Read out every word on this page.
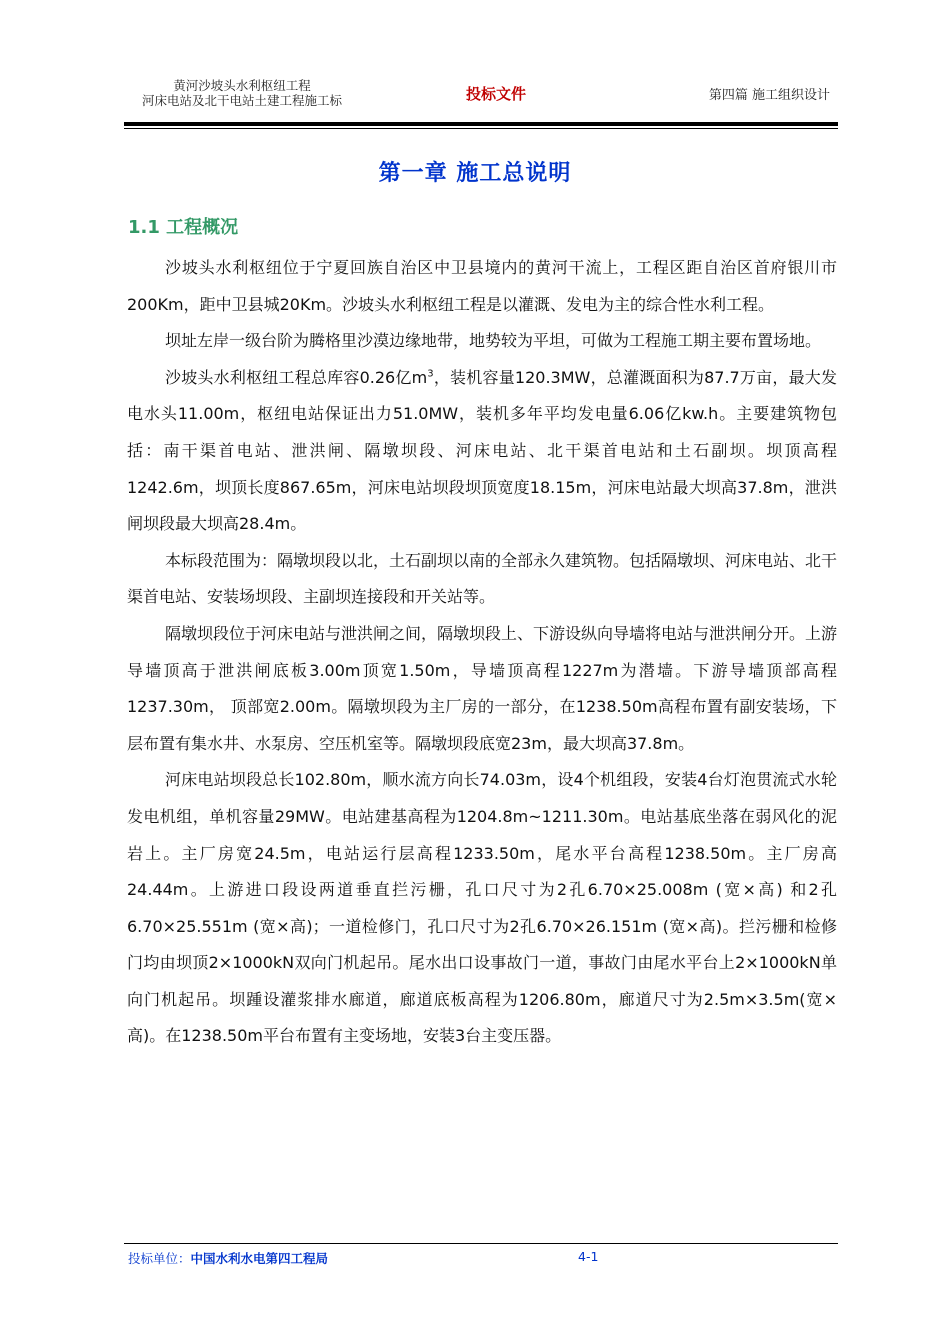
黄河沙坡头水利枢纽工程
河床电站及北干电站土建工程施工标	投标文件	第四篇 施工组织设计
第一章 施工总说明
1.1 工程概况

沙坡头水利枢纽位于宁夏回族自治区中卫县境内的黄河干流上，工程区距自治区首府银川市200Km，距中卫县城20Km。沙坡头水利枢纽工程是以灌溉、发电为主的综合性水利工程。

坝址左岸一级台阶为腾格里沙漠边缘地带，地势较为平坦，可做为工程施工期主要布置场地。

沙坡头水利枢纽工程总库容0.26亿$m^3$，装机容量120.3MW，总灌溉面积为87.7万亩，最大发电水头11.00m，枢纽电站保证出力51.0MW，装机多年平均发电量6.06亿kw.h。主要建筑物包括：南干渠首电站、泄洪闸、隔墩坝段、河床电站、北干渠首电站和土石副坝。坝顶高程1242.6m，坝顶长度867.65m，河床电站坝段坝顶宽度18.15m，河床电站最大坝高37.8m，泄洪闸坝段最大坝高28.4m。

本标段范围为：隔墩坝段以北，土石副坝以南的全部永久建筑物。包括隔墩坝、河床电站、北干渠首电站、安装场坝段、主副坝连接段和开关站等。

隔墩坝段位于河床电站与泄洪闸之间，隔墩坝段上、下游设纵向导墙将电站与泄洪闸分开。上游导墙顶高于泄洪闸底板3.00m顶宽1.50m，导墙顶高程1227m为潜墙。下游导墙顶部高程1237.30m， 顶部宽2.00m。隔墩坝段为主厂房的一部分，在1238.50m高程布置有副安装场，下层布置有集水井、水泵房、空压机室等。隔墩坝段底宽23m，最大坝高37.8m。

河床电站坝段总长102.80m，顺水流方向长74.03m，设4个机组段，安装4台灯泡贯流式水轮发电机组，单机容量29MW。电站建基高程为1204.8m~1211.30m。电站基底坐落在弱风化的泥岩上。主厂房宽24.5m，电站运行层高程1233.50m，尾水平台高程1238.50m。主厂房高24.44m。上游进口段设两道垂直拦污栅，孔口尺寸为2孔6.70×25.008m (宽×高) 和2孔6.70×25.551m (宽×高)；一道检修门，孔口尺寸为2孔6.70×26.151m (宽×高)。拦污栅和检修门均由坝顶2×1000kN双向门机起吊。尾水出口设事故门一道，事故门由尾水平台上2×1000kN单向门机起吊。坝踵设灌浆排水廊道，廊道底板高程为1206.80m，廊道尺寸为2.5m×3.5m(宽×高)。在1238.50m平台布置有主变场地，安装3台主变压器。

投标单位：中国水利水电第四工程局	4-1
